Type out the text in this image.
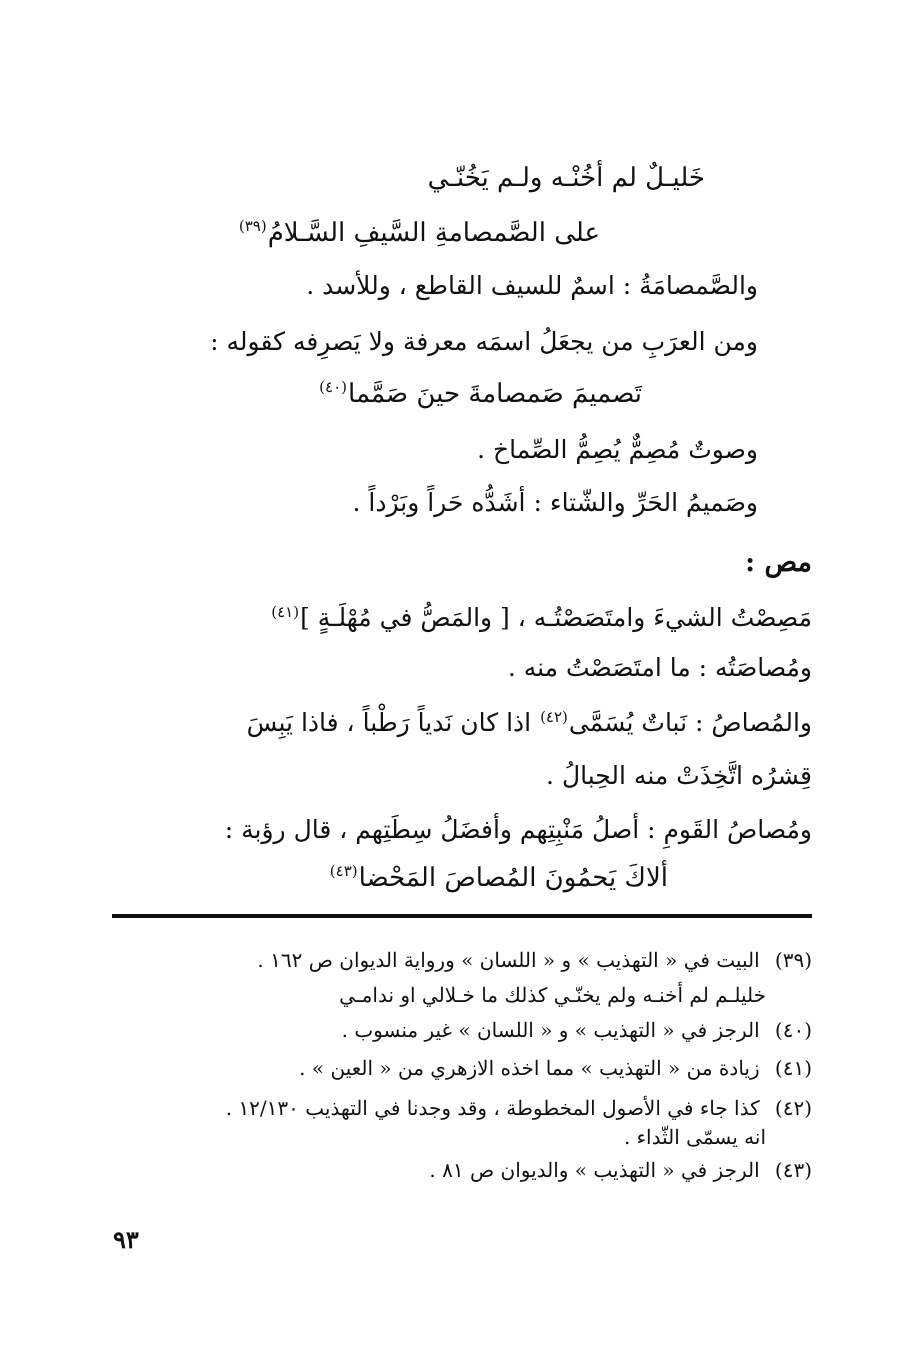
خَليـلٌ لم أخُنْـه ولـم يَخُنّـي
على الصَّمصامةِ السَّيفِ السَّـلامُ$^{(٣٩)}$
والصَّمصامَةُ : اسمٌ للسيف القاطع ، وللأسد .
ومن العرَبِ من يجعَلُ اسمَه معرفة ولا يَصرِفه كقوله :
تَصميمَ صَمصامةَ حينَ صَمَّما$^{(٤٠)}$
وصوتٌ مُصِمٌّ يُصِمُّ الصِّماخ .
وصَميمُ الحَرِّ والشّتاء : أشَدُّه حَراً وبَرْداً .
مص :
مَصِصْتُ الشيءَ وامتَصَصْتُـه ، [ والمَصُّ في مُهْلَـةٍ ]$^{(٤١)}$
ومُصاصَتُه : ما امتَصَصْتُ منه .
والمُصاصُ : نَباتٌ يُسَمَّى$^{(٤٢)}$ اذا كان نَدياً رَطْباً ، فاذا يَبِسَ
قِشرُه اتَّخِذَتْ منه الحِبالُ .
ومُصاصُ القَومِ : أصلُ مَنْبِتِهم وأفضَلُ سِطَتِهم ، قال رؤبة :
ألاكَ يَحمُونَ المُصاصَ المَحْضا$^{(٤٣)}$
(٣٩) البيت في « التهذيب » و « اللسان » ورواية الديوان ص ١٦٢ .
خليلـم لم أخنـه ولم يخنّـي كذلك ما خـلالي او ندامـي
(٤٠) الرجز في « التهذيب » و « اللسان » غير منسوب .
(٤١) زيادة من « التهذيب » مما اخذه الازهري من « العين » .
(٤٢) كذا جاء في الأصول المخطوطة ، وقد وجدنا في التهذيب ١٢/١٣٠ .
انه يسمّى الثّداء .
(٤٣) الرجز في « التهذيب » والديوان ص ٨١ .
٩٣
